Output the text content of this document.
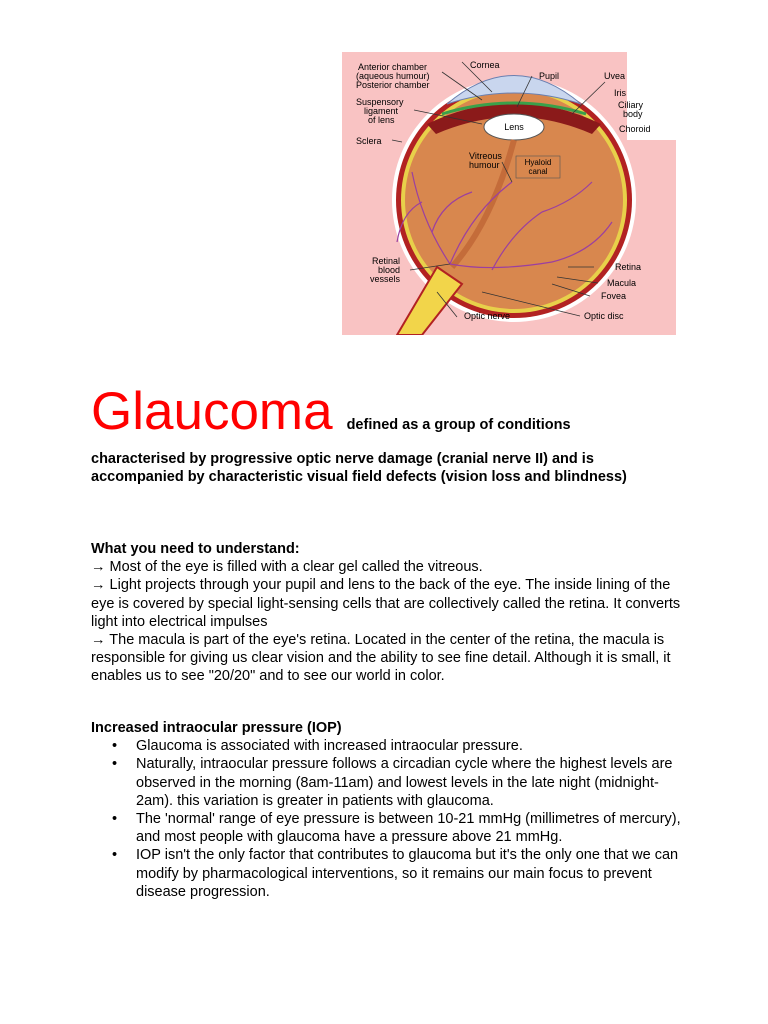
Anterior chamber
(aqueous humour)
Posterior chamber
Cornea
Pupil	Uvea
Iris
Ciliary
body
Choroid
Suspensory
ligament
of lens
Lens
Sclera
Vitreous
humour	Hyaloid
canal
Retinal
blood
vessels
Retina
Macula
Fovea
Optic nerve	Optic disc
Glaucoma defined as a group of conditions

characterised by progressive optic nerve damage (cranial nerve II) and is accompanied by characteristic visual field defects (vision loss and blindness)

What you need to understand:

→ Most of the eye is filled with a clear gel called the vitreous.

→ Light projects through your pupil and lens to the back of the eye. The inside lining of the eye is covered by special light-sensing cells that are collectively called the retina. It converts light into electrical impulses

→ The macula is part of the eye's retina. Located in the center of the retina, the macula is responsible for giving us clear vision and the ability to see fine detail. Although it is small, it enables us to see "20/20" and to see our world in color.

Increased intraocular pressure (IOP)

• Glaucoma is associated with increased intraocular pressure.
• Naturally, intraocular pressure follows a circadian cycle where the highest levels are observed in the morning (8am-11am) and lowest levels in the late night (midnight-2am). this variation is greater in patients with glaucoma.
• The 'normal' range of eye pressure is between 10-21 mmHg (millimetres of mercury), and most people with glaucoma have a pressure above 21 mmHg.
• IOP isn't the only factor that contributes to glaucoma but it's the only one that we can modify by pharmacological interventions, so it remains our main focus to prevent disease progression.
